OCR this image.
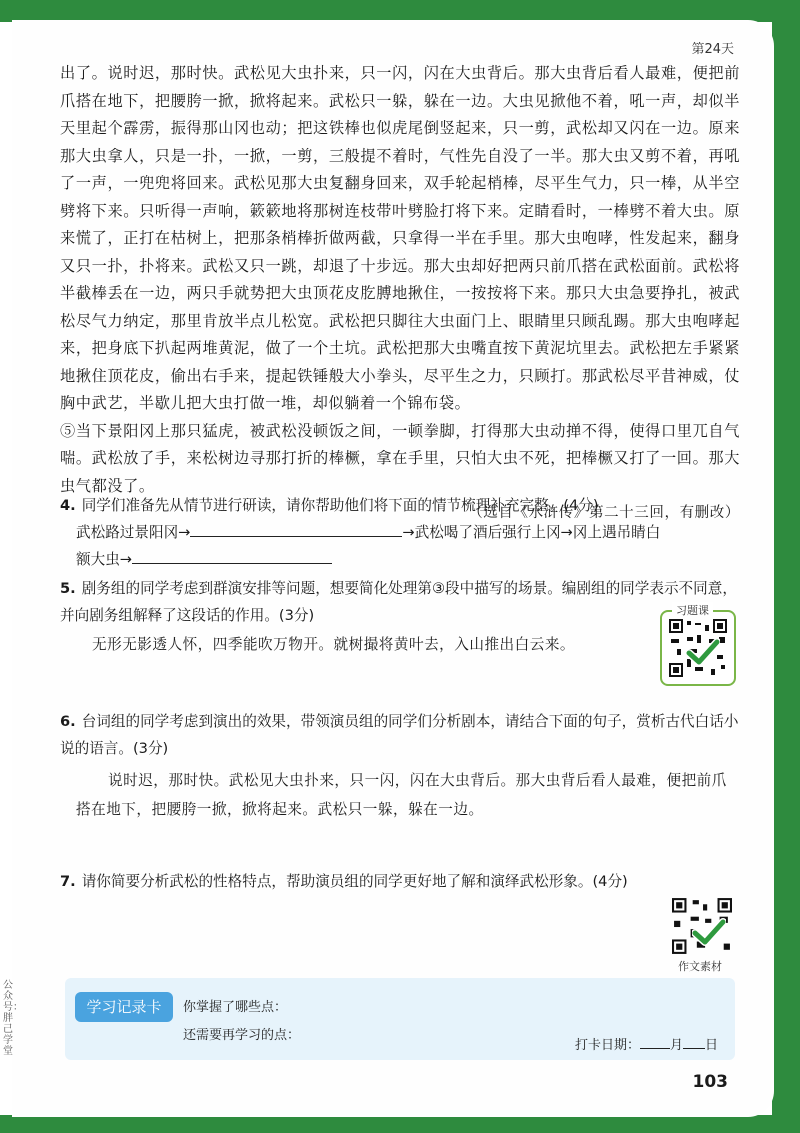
第24天

出了。说时迟，那时快。武松见大虫扑来，只一闪，闪在大虫背后。那大虫背后看人最难，便把前爪搭在地下，把腰胯一掀，掀将起来。武松只一躲，躲在一边。大虫见掀他不着，吼一声，却似半天里起个霹雳，振得那山冈也动；把这铁棒也似虎尾倒竖起来，只一剪，武松却又闪在一边。原来那大虫拿人，只是一扑，一掀，一剪，三般提不着时，气性先自没了一半。那大虫又剪不着，再吼了一声，一兜兜将回来。武松见那大虫复翻身回来，双手轮起梢棒，尽平生气力，只一棒，从半空劈将下来。只听得一声响，簌簌地将那树连枝带叶劈脸打将下来。定睛看时，一棒劈不着大虫。原来慌了，正打在枯树上，把那条梢棒折做两截，只拿得一半在手里。那大虫咆哮，性发起来，翻身又只一扑，扑将来。武松又只一跳，却退了十步远。那大虫却好把两只前爪搭在武松面前。武松将半截棒丢在一边，两只手就势把大虫顶花皮肐膊地揪住，一按按将下来。那只大虫急要挣扎，被武松尽气力纳定，那里肯放半点儿松宽。武松把只脚往大虫面门上、眼睛里只顾乱踢。那大虫咆哮起来，把身底下扒起两堆黄泥，做了一个土坑。武松把那大虫嘴直按下黄泥坑里去。武松把左手紧紧地揪住顶花皮，偷出右手来，提起铁锤般大小拳头，尽平生之力，只顾打。那武松尽平昔神威，仗胸中武艺，半歇儿把大虫打做一堆，却似躺着一个锦布袋。

⑤当下景阳冈上那只猛虎，被武松没顿饭之间，一顿拳脚，打得那大虫动掸不得，使得口里兀自气喘。武松放了手，来松树边寻那打折的棒橛，拿在手里，只怕大虫不死，把棒橛又打了一回。那大虫气都没了。

（选自《水浒传》第二十三回，有删改）

4. 同学们准备先从情节进行研读，请你帮助他们将下面的情节梳理补充完整。(4分)
武松路过景阳冈→	→武松喝了酒后强行上冈→冈上遇吊睛白
额大虫→
5. 剧务组的同学考虑到群演安排等问题，想要简化处理第③段中描写的场景。编剧组的同学表示不同意，并向剧务组解释了这段话的作用。(3分)
无形无影透人怀，四季能吹万物开。就树撮将黄叶去，入山推出白云来。
习题课
6. 台词组的同学考虑到演出的效果，带领演员组的同学们分析剧本，请结合下面的句子，赏析古代白话小说的语言。(3分)
说时迟，那时快。武松见大虫扑来，只一闪，闪在大虫背后。那大虫背后看人最难，便把前爪搭在地下，把腰胯一掀，掀将起来。武松只一躲，躲在一边。
7. 请你简要分析武松的性格特点，帮助演员组的同学更好地了解和演绎武松形象。(4分)
作文素材
学习记录卡	你掌握了哪些点：
还需要再学习的点：
打卡日期： 月 日
103
公众号：胖己学堂
